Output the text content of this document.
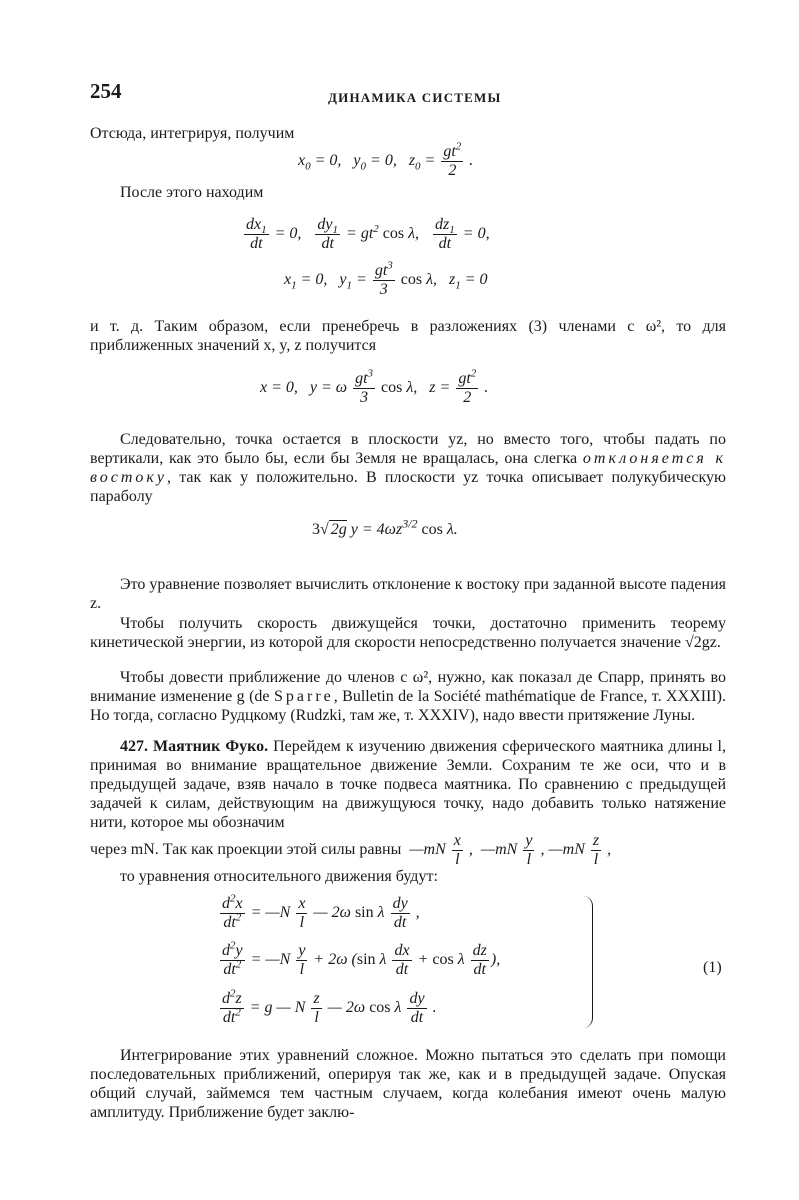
254	ДИНАМИКА СИСТЕМЫ
Отсюда, интегрируя, получим
$x_0 = 0$,   $y_0 = 0$,   $z_0 = \frac{gt^2}{2}$ .
После этого находим
$\frac{dx_1}{dt} = 0$, $\frac{dy_1}{dt} = gt^2$ cos λ, $\frac{dz_1}{dt} = 0$,
$x_1 = 0$,   $y_1 = \frac{gt^3}{3}$ cos λ,   $z_1 = 0$
и т. д. Таким образом, если пренебречь в разложениях (3) членами с ω², то для приближенных значений x, y, z получится
x = 0,   y = ω $\frac{gt^3}{3}$ cos λ,   $z = \frac{gt^2}{2}$ .
Следовательно, точка остается в плоскости yz, но вместо того, чтобы падать по вертикали, как это было бы, если бы Земля не вращалась, она слегка отклоняется к востоку, так как y положительно. В плоскости yz точка описывает полукубическую параболу
3√ 2g $y = 4\omega z^{3/2}$ cos λ.
Это уравнение позволяет вычислить отклонение к востоку при заданной высоте падения z.
Чтобы получить скорость движущейся точки, достаточно применить теорему кинетической энергии, из которой для скорости непосредственно получается значение √2gz.
Чтобы довести приближение до членов с ω², нужно, как показал де Спарр, принять во внимание изменение g (de Sparre, Bulletin de la Société mathématique de France, т. XXXIII). Но тогда, согласно Рудцкому (Rudzki, там же, т. XXXIV), надо ввести притяжение Луны.
427. Маятник Фуко. Перейдем к изучению движения сферического маятника длины l, принимая во внимание вращательное движение Земли. Сохраним те же оси, что и в предыдущей задаче, взяв начало в точке подвеса маятника. По сравнению с предыдущей задачей к силам, действующим на движущуюся точку, надо добавить только натяжение нити, которое мы обозначим
через mN. Так как проекции этой силы равны  —mN $\frac{x}{l}$ ,  —mN $\frac{y}{l}$ , —mN $\frac{z}{l}$ ,
то уравнения относительного движения будут:
$\frac{d^2x}{dt^2}$ = —N $\frac{x}{l}$ — 2ω sin λ $\frac{dy}{dt}$ ,
$\frac{d^2y}{dt^2}$ = —N $\frac{y}{l} + 2\omega$ (sin λ $\frac{dx}{dt} + \cos \lambda \frac{dz}{dt}$ ),
$\frac{d^2z}{dt^2} = g$ — N $\frac{z}{l}$ — 2ω cos λ $\frac{dy}{dt}$ .
(1)
Интегрирование этих уравнений сложное. Можно пытаться это сделать при помощи последовательных приближений, оперируя так же, как и в предыдущей задаче. Опуская общий случай, займемся тем частным случаем, когда колебания имеют очень малую амплитуду. Приближение будет заклю-
